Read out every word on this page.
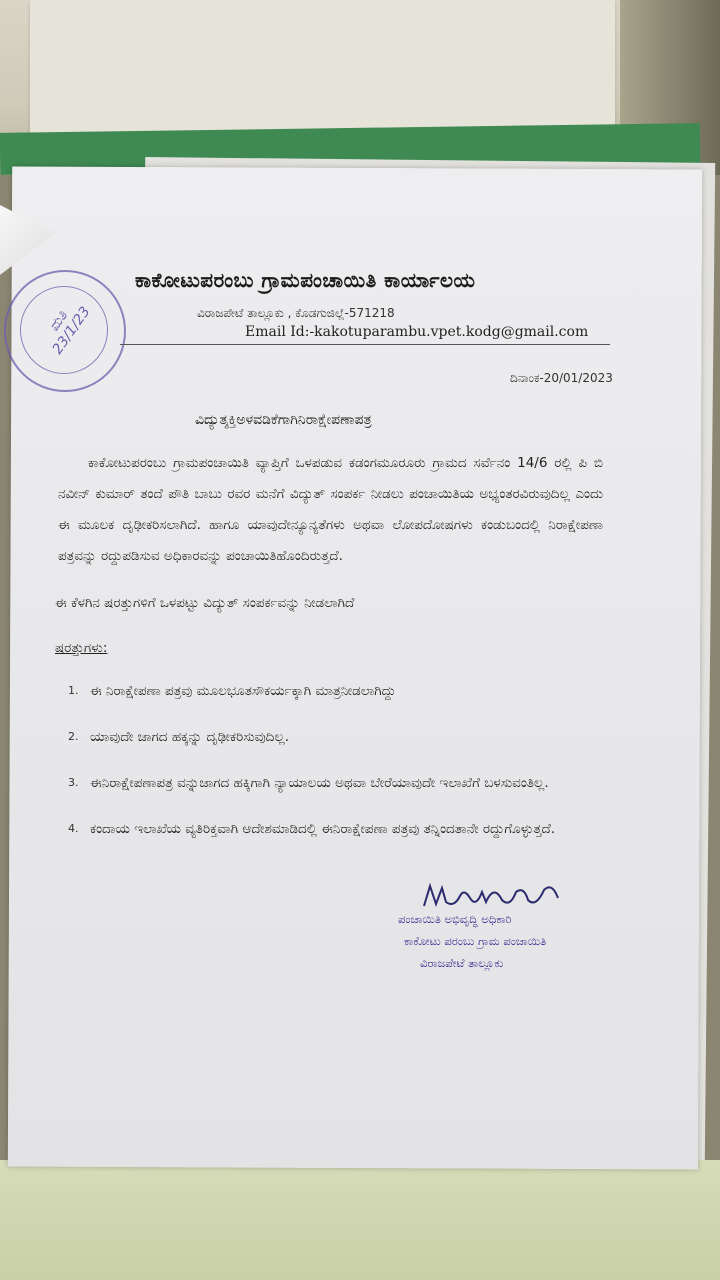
ಮತಿ 23/1/23
ಕಾಕೋಟುಪರಂಬು ಗ್ರಾಮಪಂಚಾಯಿತಿ ಕಾರ್ಯಾಲಯ
ವಿರಾಜಪೇಟೆ ತಾಲ್ಲೂಕು , ಕೊಡಗುಜಿಲ್ಲೆ-571218
Email Id:-kakotuparambu.vpet.kodg@gmail.com
ದಿನಾಂಕ-20/01/2023
ವಿದ್ಯುತ್ಶಕ್ತಿಅಳವಡಿಕೆಗಾಗಿನಿರಾಕ್ಷೇಪಣಾಪತ್ರ
ಕಾಕೋಟುಪರಂಬು ಗ್ರಾಮಪಂಚಾಯಿತಿ ವ್ಯಾಪ್ತಿಗೆ ಒಳಪಡುವ ಕಡಂಗಮೂರೂರು ಗ್ರಾಮದ ಸರ್ವೆನಂ 14/6 ರಲ್ಲಿ ಪಿ ಬಿ ನವೀನ್ ಕುಮಾರ್ ತಂದೆ ಪೌತಿ ಬಾಬು ರವರ ಮನೆಗೆ ವಿದ್ಯುತ್ ಸಂಪರ್ಕ ನೀಡಲು ಪಂಚಾಯಿತಿಯ ಅಭ್ಯಂತರವಿರುವುದಿಲ್ಲ ಎಂದು ಈ ಮೂಲಕ ದೃಢೀಕರಿಸಲಾಗಿದೆ. ಹಾಗೂ ಯಾವುದೇನ್ಯೂನ್ಯತೆಗಳು ಅಥವಾ ಲೋಪದೋಷಗಳು ಕಂಡುಬಂದಲ್ಲಿ ನಿರಾಕ್ಷೇಪಣಾ ಪತ್ರವನ್ನು ರದ್ದುಪಡಿಸುವ ಅಧಿಕಾರವನ್ನು ಪಂಚಾಯಿತಿಹೊಂದಿರುತ್ತದೆ.
ಈ ಕೆಳಗಿನ ಷರತ್ತುಗಳಿಗೆ ಒಳಪಟ್ಟು ವಿದ್ಯುತ್ ಸಂಪರ್ಕವನ್ನು ನೀಡಲಾಗಿದೆ
ಷರತ್ತುಗಳು:
1. ಈ ನಿರಾಕ್ಷೇಪಣಾ ಪತ್ರವು ಮೂಲಭೂತಸೌಕರ್ಯಕ್ಕಾಗಿ ಮಾತ್ರನೀಡಲಾಗಿದ್ದು
2. ಯಾವುದೇ ಜಾಗದ ಹಕ್ಕನ್ನು ದೃಢೀಕರಿಸುವುದಿಲ್ಲ.
3. ಈನಿರಾಕ್ಷೇಪಣಾಪತ್ರ ವನ್ನುಜಾಗದ ಹಕ್ಕಿಗಾಗಿ ನ್ಯಾಯಾಲಯ ಅಥವಾ ಬೇರೆಯಾವುದೇ ಇಲಾಖೆಗೆ ಬಳಸುವಂತಿಲ್ಲ.
4. ಕಂದಾಯ ಇಲಾಖೆಯ ವ್ಯತಿರಿಕ್ತವಾಗಿ ಆದೇಶಮಾಡಿದಲ್ಲಿ ಈನಿರಾಕ್ಷೇಪಣಾ ಪತ್ರವು ತನ್ನಿಂದತಾನೇ ರದ್ದುಗೊಳ್ಳುತ್ತದೆ.
ಪಂಚಾಯಿತಿ ಅಭಿವೃದ್ಧಿ ಅಧಿಕಾರಿ
ಕಾಕೋಟು ಪರಂಬು ಗ್ರಾಮ ಪಂಚಾಯಿತಿ
ವಿರಾಜಪೇಟೆ ತಾಲ್ಲೂಕು
